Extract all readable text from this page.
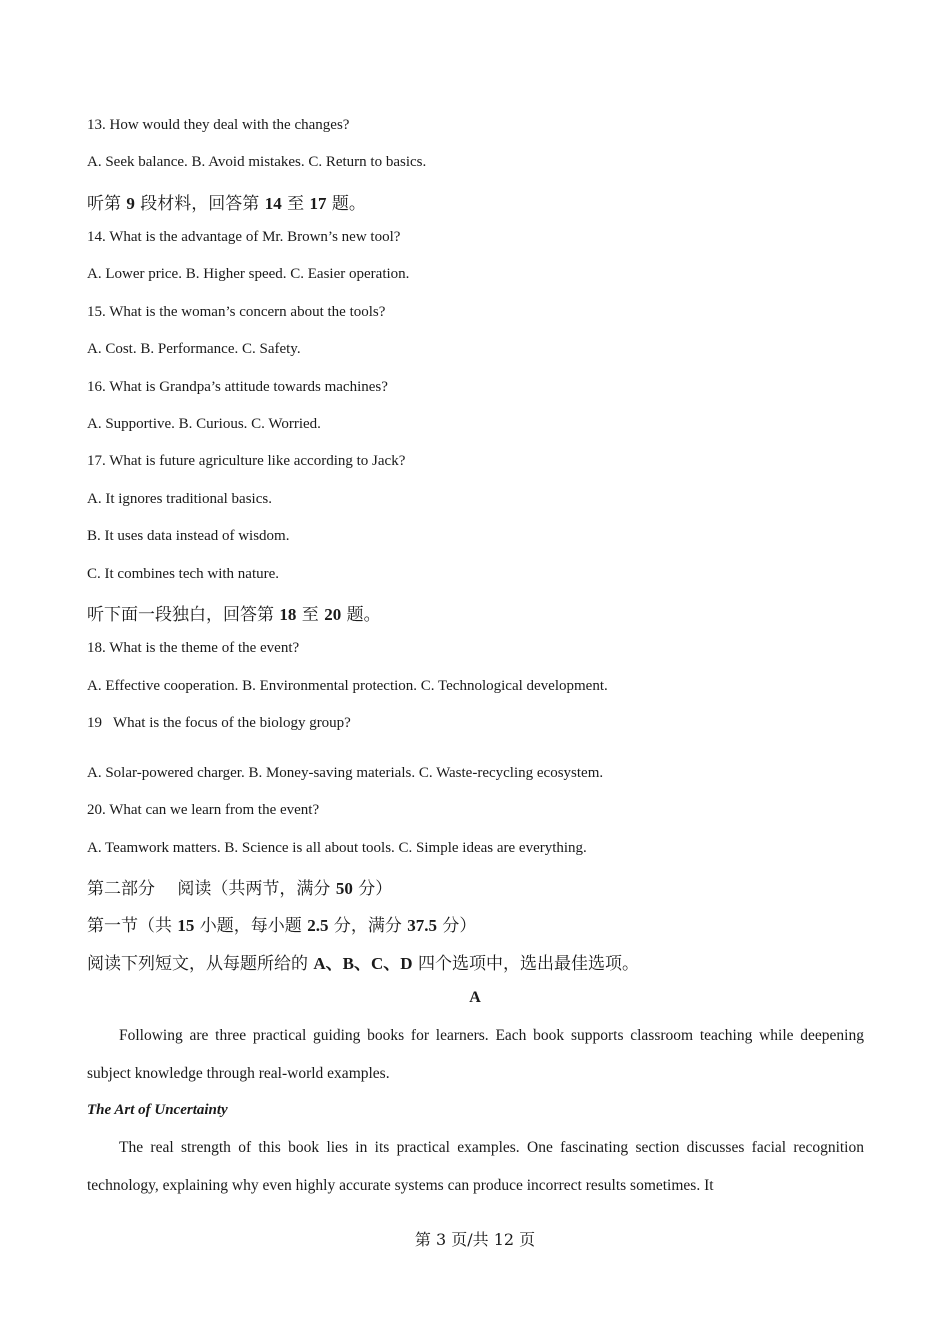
13. How would they deal with the changes?
A. Seek balance. B. Avoid mistakes. C. Return to basics.
听第 9 段材料，回答第 14 至 17 题。
14. What is the advantage of Mr. Brown’s new tool?
A. Lower price. B. Higher speed. C. Easier operation.
15. What is the woman’s concern about the tools?
A. Cost. B. Performance. C. Safety.
16. What is Grandpa’s attitude towards machines?
A. Supportive. B. Curious. C. Worried.
17. What is future agriculture like according to Jack?
A. It ignores traditional basics.
B. It uses data instead of wisdom.
C. It combines tech with nature.
听下面一段独白，回答第 18 至 20 题。
18. What is the theme of the event?
A. Effective cooperation. B. Environmental protection. C. Technological development.
19   What is the focus of the biology group?
A. Solar-powered charger. B. Money-saving materials. C. Waste-recycling ecosystem.
20. What can we learn from the event?
A. Teamwork matters. B. Science is all about tools. C. Simple ideas are everything.
第二部分　 阅读（共两节，满分 50 分）
第一节（共 15 小题，每小题 2.5 分，满分 37.5 分）
阅读下列短文，从每题所给的 A、B、C、D 四个选项中，选出最佳选项。
A
Following are three practical guiding books for learners. Each book supports classroom teaching while deepening subject knowledge through real-world examples.
The Art of Uncertainty
The real strength of this book lies in its practical examples. One fascinating section discusses facial recognition technology, explaining why even highly accurate systems can produce incorrect results sometimes. It
第 3 页/共 12 页
